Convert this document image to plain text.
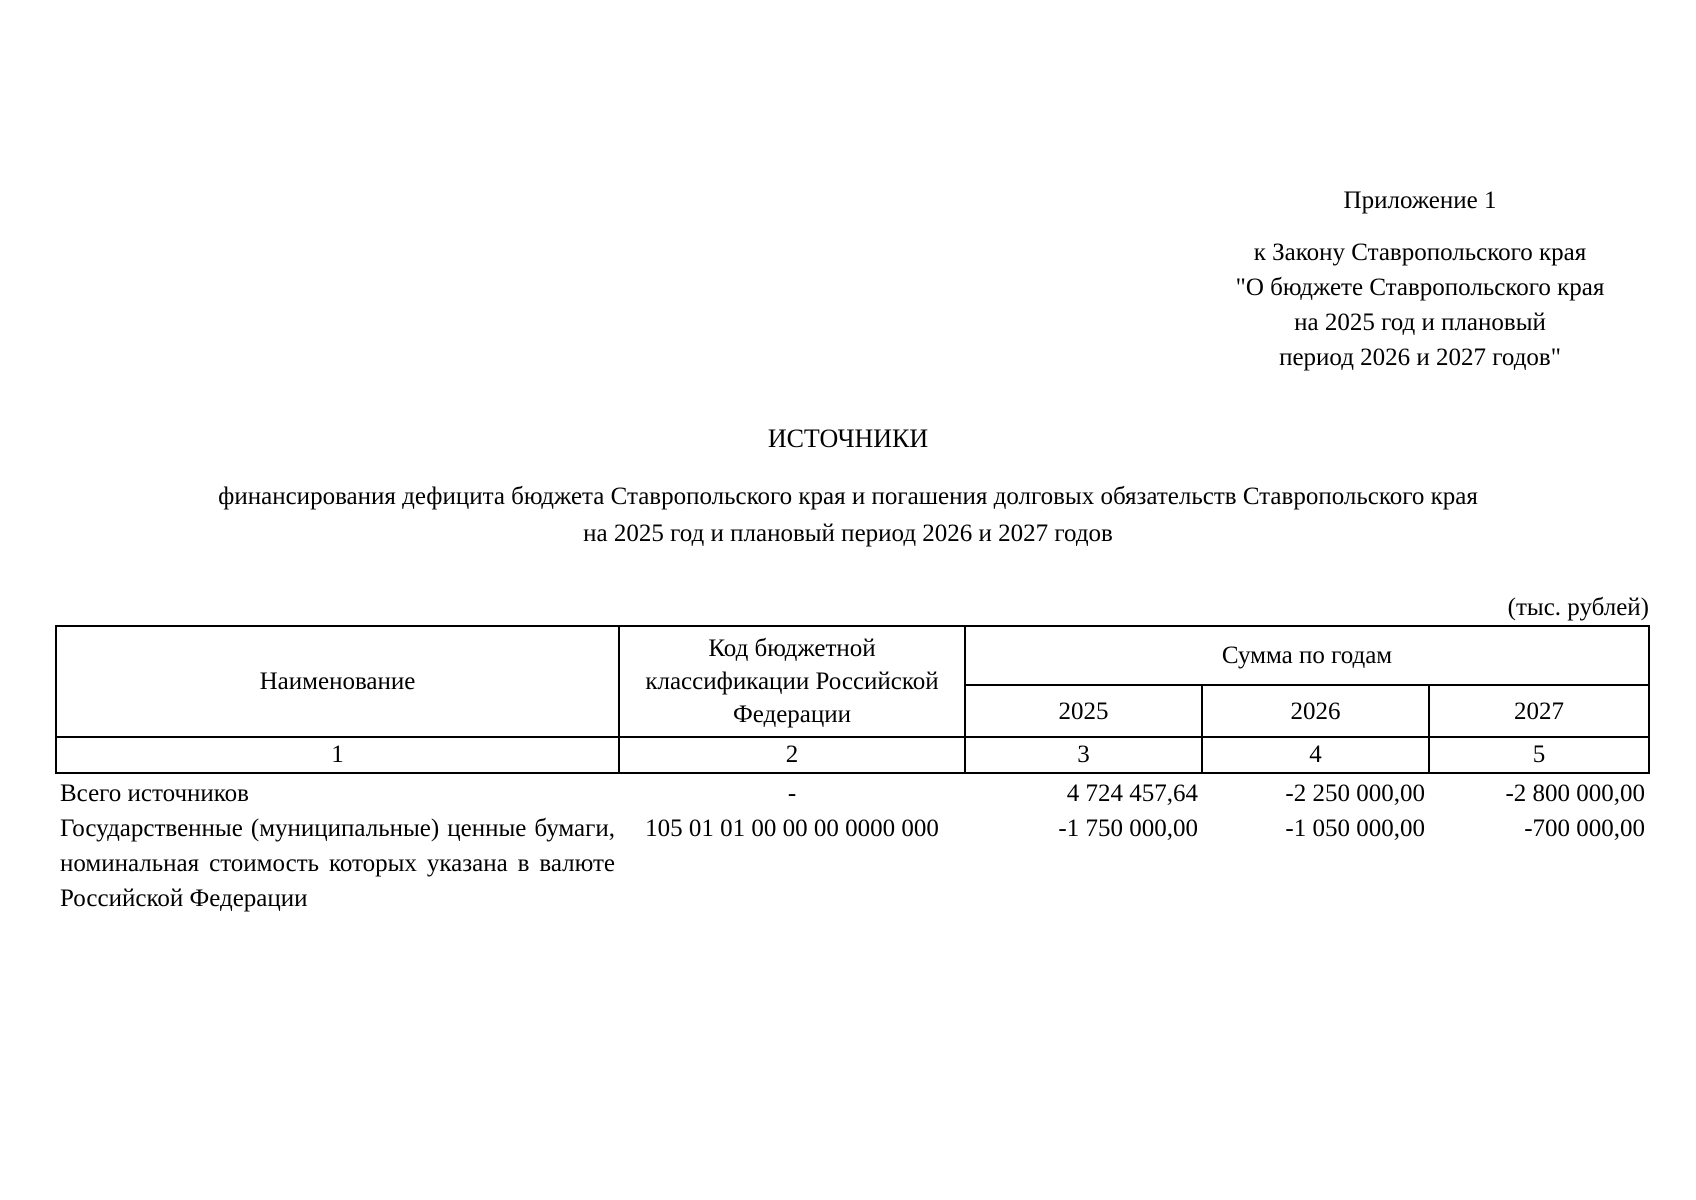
Приложение 1
к Закону Ставропольского края
"О бюджете Ставропольского края
на 2025 год и плановый
период 2026 и 2027 годов"
ИСТОЧНИКИ
финансирования дефицита бюджета Ставропольского края и погашения долговых обязательств Ставропольского края
на 2025 год и плановый период 2026 и 2027 годов
(тыс. рублей)
Наименование	Код бюджетной классификации Российской Федерации	Сумма по годам		
		2025	2026	2027
1	2	3	4	5
Всего источников	-	4 724 457,64	-2 250 000,00	-2 800 000,00
Государственные (муниципальные) ценные бумаги, номинальная стоимость которых указана в валюте Российской Федерации	105 01 01 00 00 00 0000 000	-1 750 000,00	-1 050 000,00	-700 000,00
